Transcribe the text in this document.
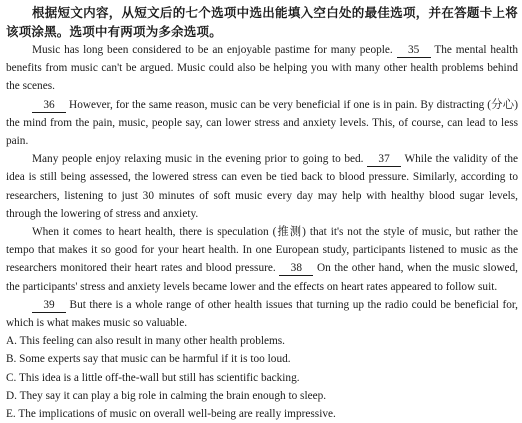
根据短文内容，从短文后的七个选项中选出能填入空白处的最佳选项，并在答题卡上将该项涂黑。选项中有两项为多余选项。

Music has long been considered to be an enjoyable pastime for many people. 35 The mental health benefits from music can't be argued. Music could also be helping you with many other health problems behind the scenes.

36 However, for the same reason, music can be very beneficial if one is in pain. By distracting (分心) the mind from the pain, music, people say, can lower stress and anxiety levels. This, of course, can lead to less pain.

Many people enjoy relaxing music in the evening prior to going to bed. 37 While the validity of the idea is still being assessed, the lowered stress can even be tied back to blood pressure. Similarly, according to researchers, listening to just 30 minutes of soft music every day may help with healthy blood sugar levels, through the lowering of stress and anxiety.

When it comes to heart health, there is speculation (推测) that it's not the style of music, but rather the tempo that makes it so good for your heart health. In one European study, participants listened to music as the researchers monitored their heart rates and blood pressure. 38 On the other hand, when the music slowed, the participants' stress and anxiety levels became lower and the effects on heart rates appeared to follow suit.

39 But there is a whole range of other health issues that turning up the radio could be beneficial for, which is what makes music so valuable.

A. This feeling can also result in many other health problems.

B. Some experts say that music can be harmful if it is too loud.

C. This idea is a little off-the-wall but still has scientific backing.

D. They say it can play a big role in calming the brain enough to sleep.

E. The implications of music on overall well-being are really impressive.
